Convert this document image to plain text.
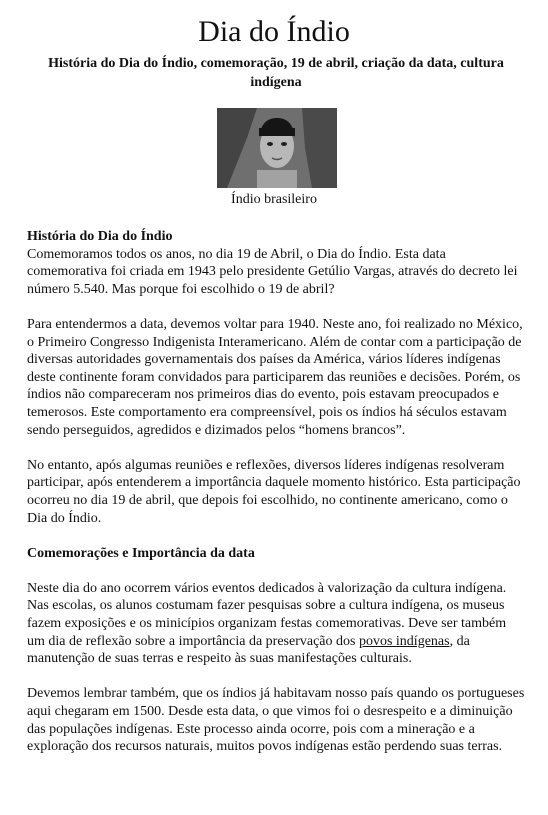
Dia do Índio
História do Dia do Índio, comemoração, 19 de abril, criação da data, cultura indígena
Índio brasileiro
História do Dia do Índio

Comemoramos todos os anos, no dia 19 de Abril, o Dia do Índio. Esta data comemorativa foi criada em 1943 pelo presidente Getúlio Vargas, através do decreto lei número 5.540. Mas porque foi escolhido o 19 de abril?

Para entendermos a data, devemos voltar para 1940. Neste ano, foi realizado no México, o Primeiro Congresso Indigenista Interamericano. Além de contar com a participação de diversas autoridades governamentais dos países da América, vários líderes indígenas deste continente foram convidados para participarem das reuniões e decisões. Porém, os índios não compareceram nos primeiros dias do evento, pois estavam preocupados e temerosos. Este comportamento era compreensível, pois os índios há séculos estavam sendo perseguidos, agredidos e dizimados pelos “homens brancos”.

No entanto, após algumas reuniões e reflexões, diversos líderes indígenas resolveram participar, após entenderem a importância daquele momento histórico. Esta participação ocorreu no dia 19 de abril, que depois foi escolhido, no continente americano, como o Dia do Índio.

Comemorações e Importância da data

Neste dia do ano ocorrem vários eventos dedicados à valorização da cultura indígena. Nas escolas, os alunos costumam fazer pesquisas sobre a cultura indígena, os museus fazem exposições e os minicípios organizam festas comemorativas. Deve ser também um dia de reflexão sobre a importância da preservação dos povos indígenas, da manutenção de suas terras e respeito às suas manifestações culturais.

Devemos lembrar também, que os índios já habitavam nosso país quando os portugueses aqui chegaram em 1500. Desde esta data, o que vimos foi o desrespeito e a diminuição das populações indígenas. Este processo ainda ocorre, pois com a mineração e a exploração dos recursos naturais, muitos povos indígenas estão perdendo suas terras.
